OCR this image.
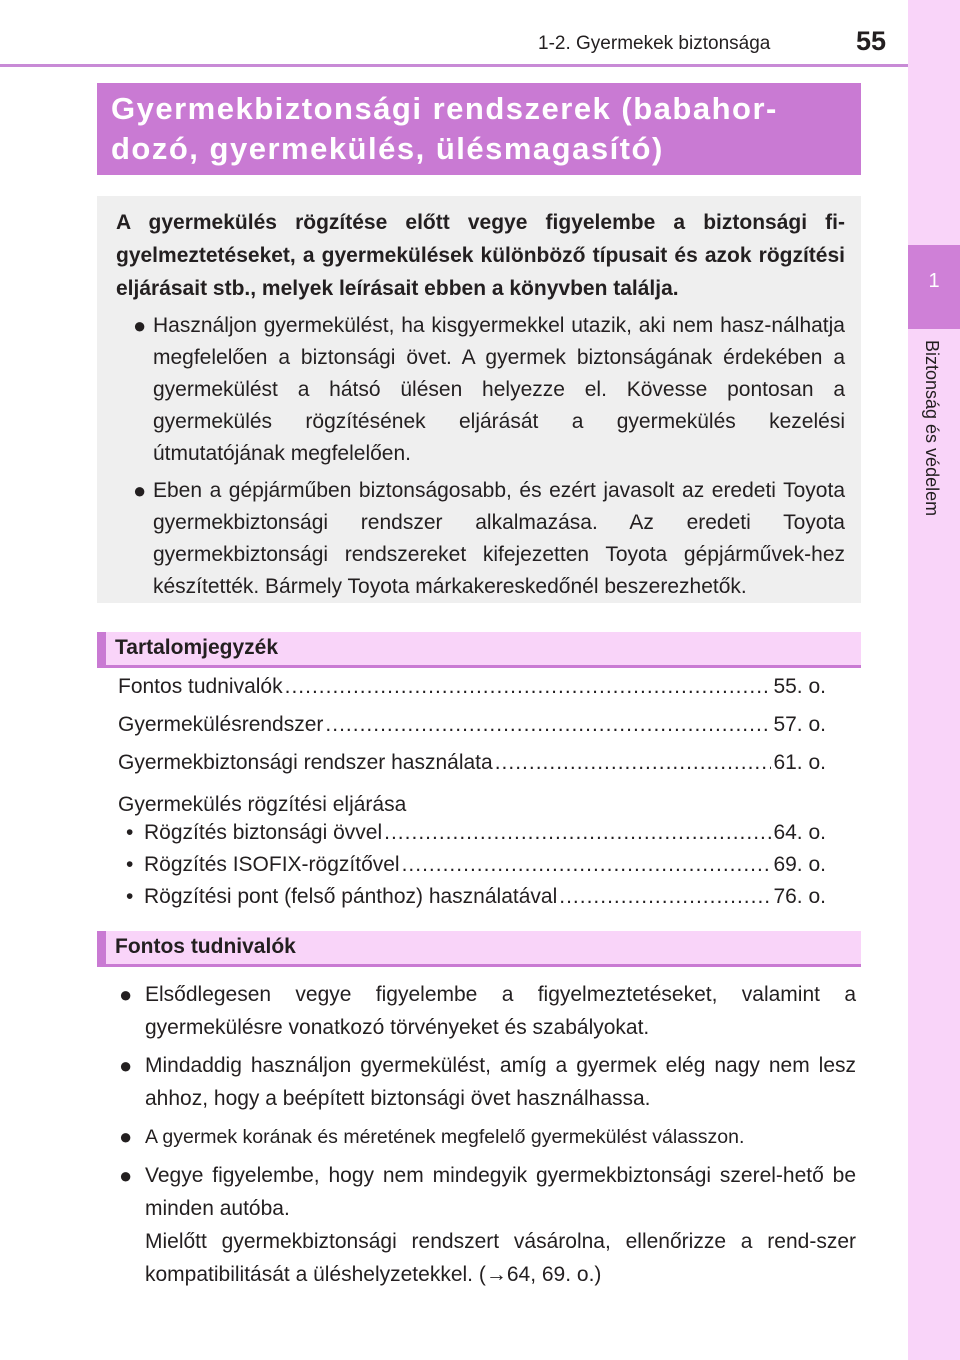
1-2. Gyermekek biztonsága	55
1
Biztonság és védelem
Gyermekbiztonsági rendszerek (babahor-
dozó, gyermekülés, ülésmagasító)

A gyermekülés rögzítése előtt vegye figyelembe a biztonsági fi-gyelmeztetéseket, a gyermekülések különböző típusait és azok rögzítési eljárásait stb., melyek leírásait ebben a könyvben találja.

● Használjon gyermekülést, ha kisgyermekkel utazik, aki nem hasz-nálhatja megfelelően a biztonsági övet. A gyermek biztonságának érdekében a gyermekülést a hátsó ülésen helyezze el. Kövesse pontosan a gyermekülés rögzítésének eljárását a gyermekülés kezelési útmutatójának megfelelően.
● Eben a gépjárműben biztonságosabb, és ezért javasolt az eredeti Toyota gyermekbiztonsági rendszer alkalmazása. Az eredeti Toyota gyermekbiztonsági rendszereket kifejezetten Toyota gépjárművek-hez készítették. Bármely Toyota márkakereskedőnél beszerezhetők.
Tartalomjegyzék
Fontos tudnivalók .....	55. o.
Gyermekülésrendszer .....	57. o.
Gyermekbiztonsági rendszer használata .....	61. o.
Gyermekülés rögzítési eljárása
• Rögzítés biztonsági övvel .....	64. o.
• Rögzítés ISOFIX-rögzítővel .....	69. o.
• Rögzítési pont (felső pánthoz) használatával .....	76. o.
Fontos tudnivalók
● Elsődlegesen vegye figyelembe a figyelmeztetéseket, valamint a gyermekülésre vonatkozó törvényeket és szabályokat.
● Mindaddig használjon gyermekülést, amíg a gyermek elég nagy nem lesz ahhoz, hogy a beépített biztonsági övet használhassa.
● A gyermek korának és méretének megfelelő gyermekülést válasszon.
● Vegye figyelembe, hogy nem mindegyik gyermekbiztonsági szerel-hető be minden autóba.

Mielőtt gyermekbiztonsági rendszert vásárolna, ellenőrizze a rend-szer kompatibilitását a üléshelyzetekkel. (→64, 69. o.)
